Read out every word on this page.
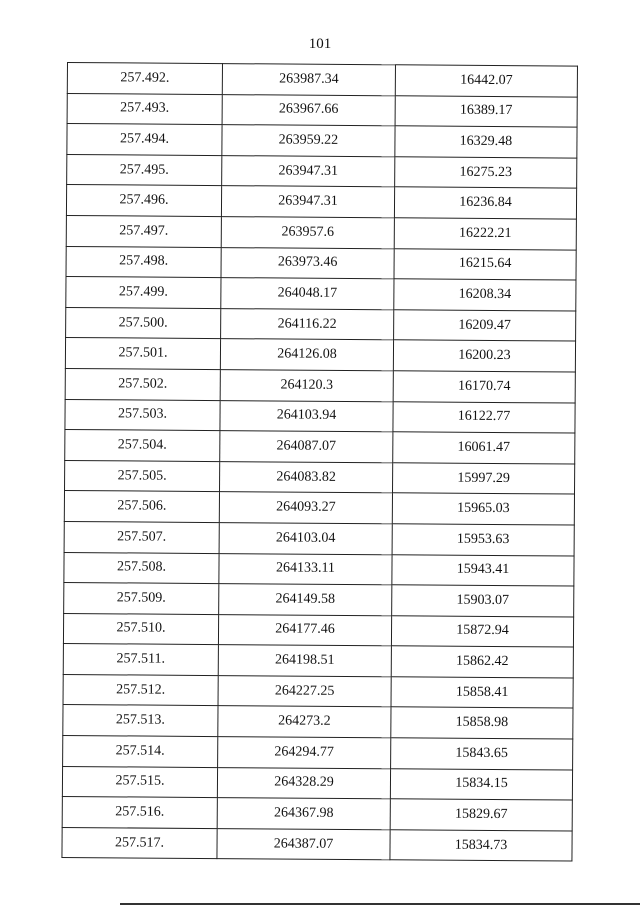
101
257.492.	263987.34	16442.07
257.493.	263967.66	16389.17
257.494.	263959.22	16329.48
257.495.	263947.31	16275.23
257.496.	263947.31	16236.84
257.497.	263957.6	16222.21
257.498.	263973.46	16215.64
257.499.	264048.17	16208.34
257.500.	264116.22	16209.47
257.501.	264126.08	16200.23
257.502.	264120.3	16170.74
257.503.	264103.94	16122.77
257.504.	264087.07	16061.47
257.505.	264083.82	15997.29
257.506.	264093.27	15965.03
257.507.	264103.04	15953.63
257.508.	264133.11	15943.41
257.509.	264149.58	15903.07
257.510.	264177.46	15872.94
257.511.	264198.51	15862.42
257.512.	264227.25	15858.41
257.513.	264273.2	15858.98
257.514.	264294.77	15843.65
257.515.	264328.29	15834.15
257.516.	264367.98	15829.67
257.517.	264387.07	15834.73
